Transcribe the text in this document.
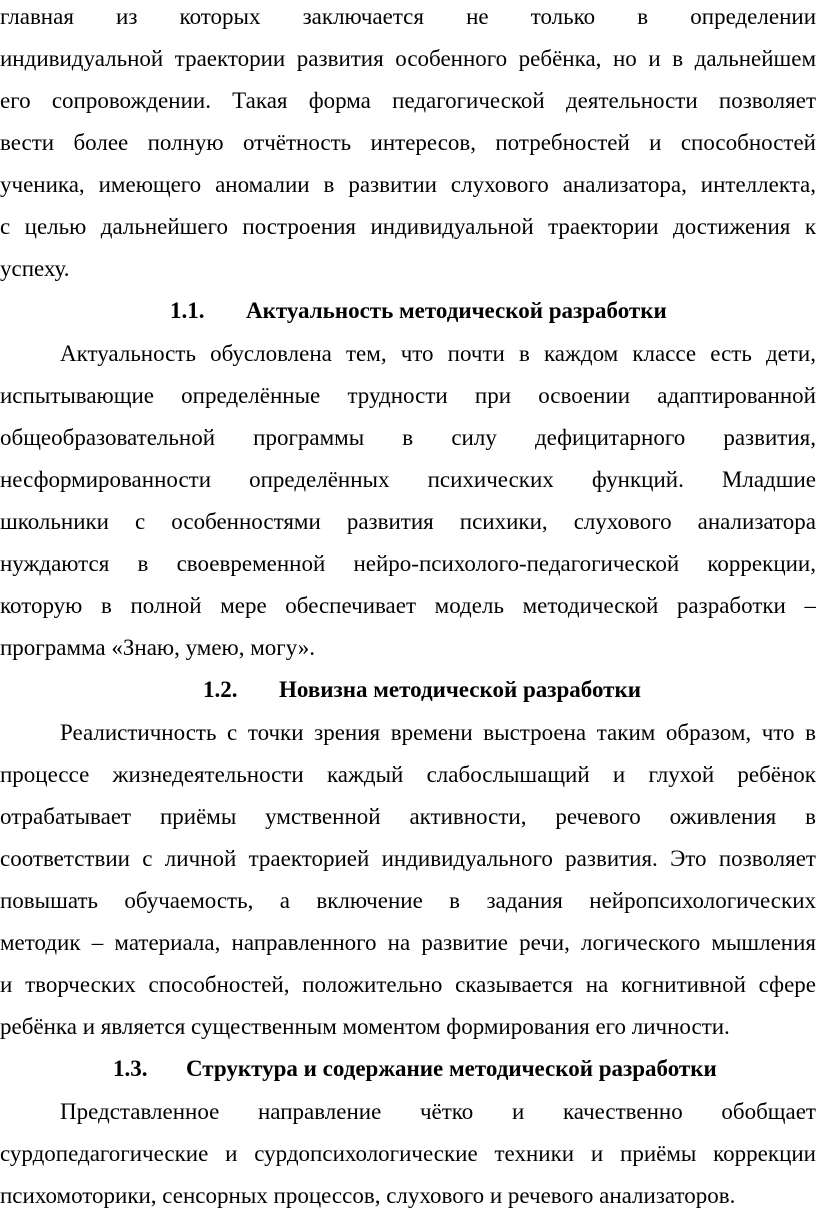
главная из которых заключается не только в определении
индивидуальной траектории развития особенного ребёнка, но и в дальнейшем
его сопровождении. Такая форма педагогической деятельности позволяет
вести более полную отчётность интересов, потребностей и способностей
ученика, имеющего аномалии в развитии слухового анализатора, интеллекта,
с целью дальнейшего построения индивидуальной траектории достижения к
успеху.
1.1.	Актуальность методической разработки
Актуальность обусловлена тем, что почти в каждом классе есть дети,
испытывающие определённые трудности при освоении адаптированной
общеобразовательной программы в силу дефицитарного развития,
несформированности определённых психических функций. Младшие
школьники с особенностями развития психики, слухового анализатора
нуждаются в своевременной нейро-психолого-педагогической коррекции,
которую в полной мере обеспечивает модель методической разработки –
программа «Знаю, умею, могу».
1.2.	Новизна методической разработки
Реалистичность с точки зрения времени выстроена таким образом, что в
процессе жизнедеятельности каждый слабослышащий и глухой ребёнок
отрабатывает приёмы умственной активности, речевого оживления в
соответствии с личной траекторией индивидуального развития. Это позволяет
повышать обучаемость, а включение в задания нейропсихологических
методик – материала, направленного на развитие речи, логического мышления
и творческих способностей, положительно сказывается на когнитивной сфере
ребёнка и является существенным моментом формирования его личности.
1.3.	Структура и содержание методической разработки
Представленное направление чётко и качественно обобщает
сурдопедагогические и сурдопсихологические техники и приёмы коррекции
психомоторики, сенсорных процессов, слухового и речевого анализаторов.
